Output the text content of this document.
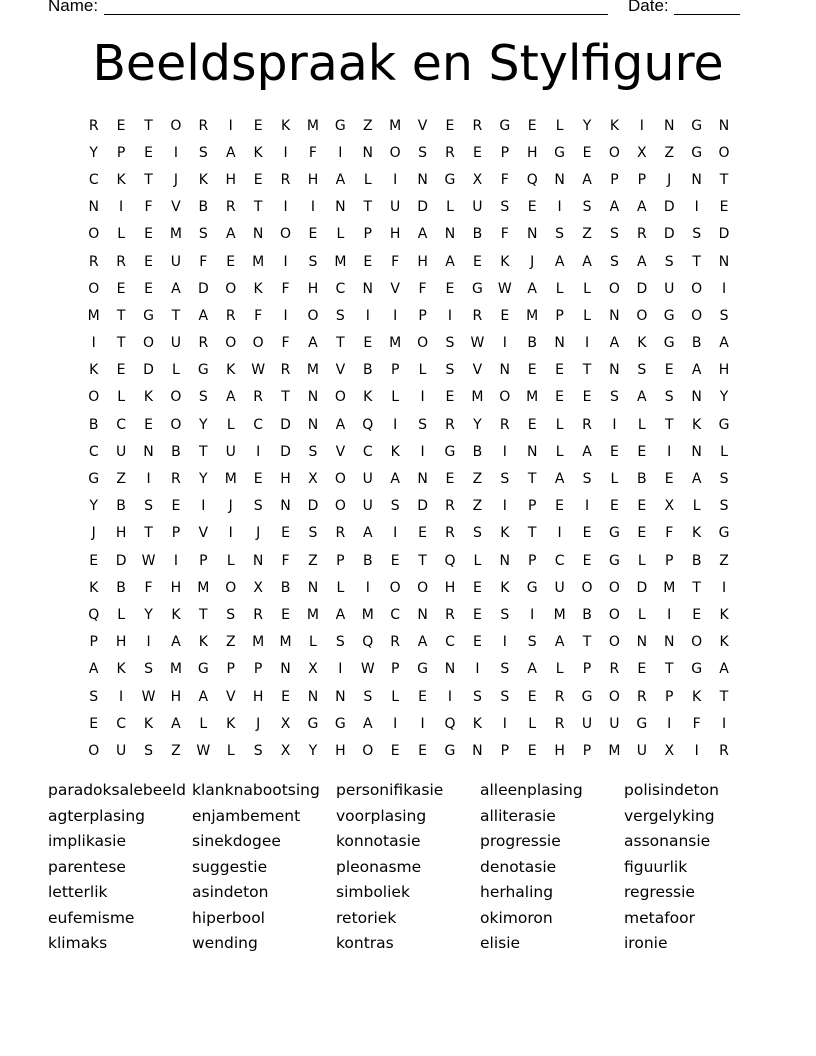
Name:	Date:
Beeldspraak en Stylfigure
R	E	T	O	R	I	E	K	M	G	Z	M	V	E	R	G	E	L	Y	K	I	N	G	N
Y	P	E	I	S	A	K	I	F	I	N	O	S	R	E	P	H	G	E	O	X	Z	G	O
C	K	T	J	K	H	E	R	H	A	L	I	N	G	X	F	Q	N	A	P	P	J	N	T
N	I	F	V	B	R	T	I	I	N	T	U	D	L	U	S	E	I	S	A	A	D	I	E
O	L	E	M	S	A	N	O	E	L	P	H	A	N	B	F	N	S	Z	S	R	D	S	D
R	R	E	U	F	E	M	I	S	M	E	F	H	A	E	K	J	A	A	S	A	S	T	N
O	E	E	A	D	O	K	F	H	C	N	V	F	E	G	W	A	L	L	O	D	U	O	I
M	T	G	T	A	R	F	I	O	S	I	I	P	I	R	E	M	P	L	N	O	G	O	S
I	T	O	U	R	O	O	F	A	T	E	M	O	S	W	I	B	N	I	A	K	G	B	A
K	E	D	L	G	K	W	R	M	V	B	P	L	S	V	N	E	E	T	N	S	E	A	H
O	L	K	O	S	A	R	T	N	O	K	L	I	E	M	O	M	E	E	S	A	S	N	Y
B	C	E	O	Y	L	C	D	N	A	Q	I	S	R	Y	R	E	L	R	I	L	T	K	G
C	U	N	B	T	U	I	D	S	V	C	K	I	G	B	I	N	L	A	E	E	I	N	L
G	Z	I	R	Y	M	E	H	X	O	U	A	N	E	Z	S	T	A	S	L	B	E	A	S
Y	B	S	E	I	J	S	N	D	O	U	S	D	R	Z	I	P	E	I	E	E	X	L	S
J	H	T	P	V	I	J	E	S	R	A	I	E	R	S	K	T	I	E	G	E	F	K	G
E	D	W	I	P	L	N	F	Z	P	B	E	T	Q	L	N	P	C	E	G	L	P	B	Z
K	B	F	H	M	O	X	B	N	L	I	O	O	H	E	K	G	U	O	O	D	M	T	I
Q	L	Y	K	T	S	R	E	M	A	M	C	N	R	E	S	I	M	B	O	L	I	E	K
P	H	I	A	K	Z	M	M	L	S	Q	R	A	C	E	I	S	A	T	O	N	N	O	K
A	K	S	M	G	P	P	N	X	I	W	P	G	N	I	S	A	L	P	R	E	T	G	A
S	I	W	H	A	V	H	E	N	N	S	L	E	I	S	S	E	R	G	O	R	P	K	T
E	C	K	A	L	K	J	X	G	G	A	I	I	Q	K	I	L	R	U	U	G	I	F	I
O	U	S	Z	W	L	S	X	Y	H	O	E	E	G	N	P	E	H	P	M	U	X	I	R
paradoksalebeeld klanknabootsing	personifikasie	alleenplasing	polisindeton
agterplasing	enjambement	voorplasing	alliterasie	vergelyking
implikasie	sinekdogee	konnotasie	progressie	assonansie
parentese	suggestie	pleonasme	denotasie	figuurlik
letterlik	asindeton	simboliek	herhaling	regressie
eufemisme	hiperbool	retoriek	okimoron	metafoor
klimaks	wending	kontras	elisie	ironie
